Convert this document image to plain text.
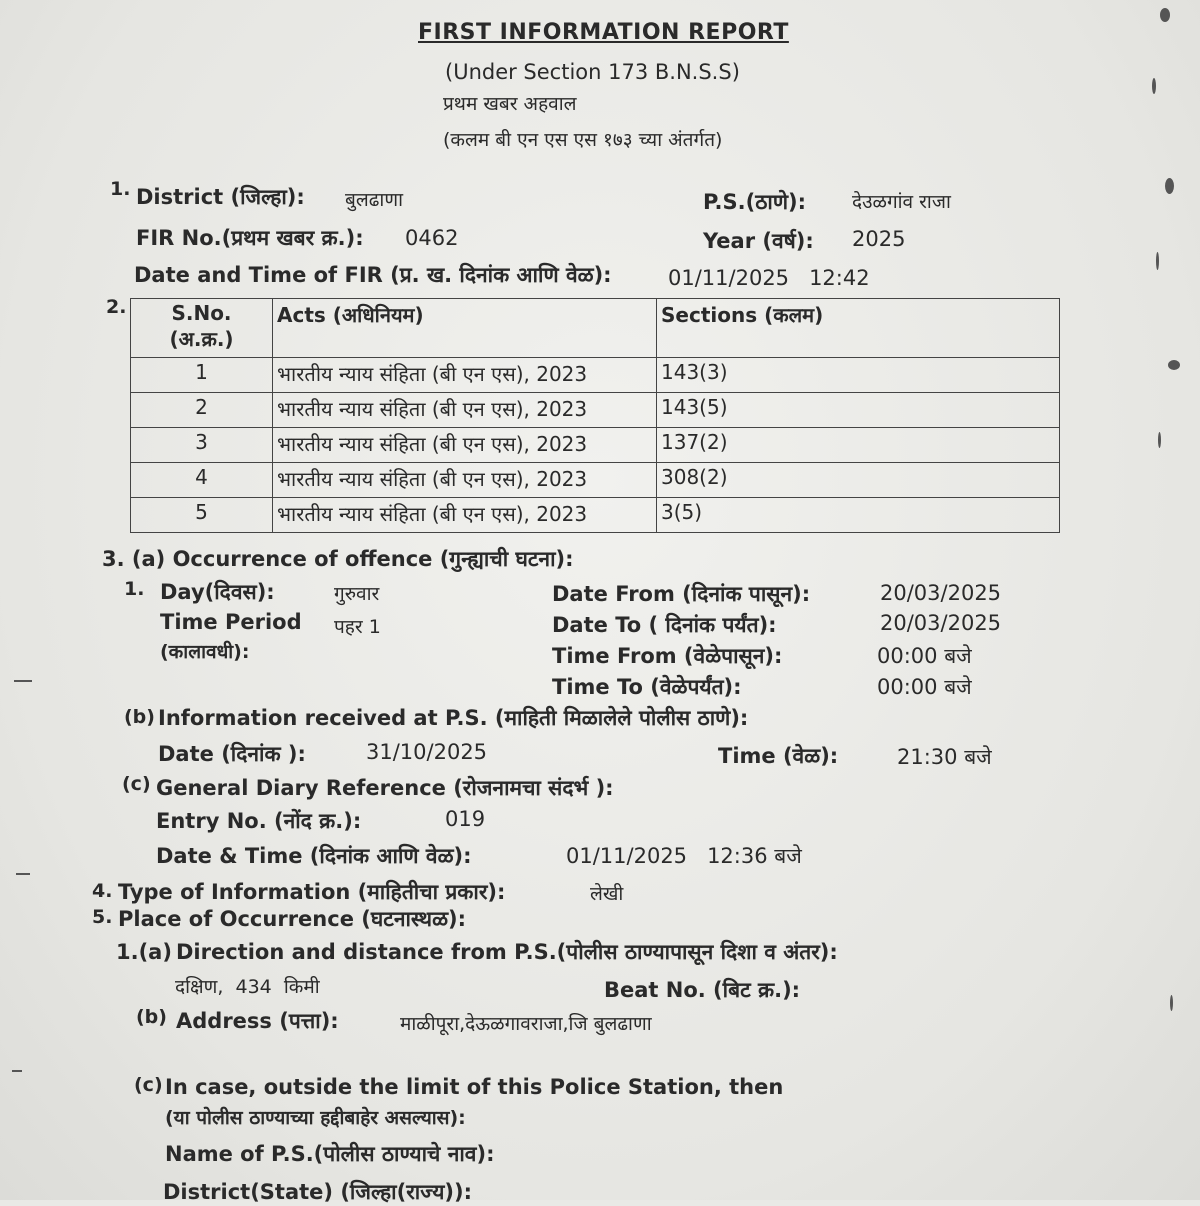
FIRST INFORMATION REPORT
(Under Section 173 B.N.S.S)
प्रथम खबर अहवाल
(कलम बी एन एस एस १७३ च्या अंतर्गत)
1. District (जिल्हा): बुलढाणा	P.S.(ठाणे): देउळगांव राजा
FIR No.(प्रथम खबर क्र.): 0462	Year (वर्ष): 2025
Date and Time of FIR (प्र. ख. दिनांक आणि वेळ):	01/11/2025   12:42
2.	S.No.
(अ.क्र.)	Acts (अधिनियम)	Sections (कलम)
1	भारतीय न्याय संहिता (बी एन एस), 2023	143(3)
2	भारतीय न्याय संहिता (बी एन एस), 2023	143(5)
3	भारतीय न्याय संहिता (बी एन एस), 2023	137(2)
4	भारतीय न्याय संहिता (बी एन एस), 2023	308(2)
5	भारतीय न्याय संहिता (बी एन एस), 2023	3(5)
3. (a) Occurrence of offence (गुन्ह्याची घटना):
1. Day(दिवस):	गुरुवार	Date From (दिनांक पासून):	20/03/2025
Time Period पहर 1	Date To ( दिनांक पर्यंत):	20/03/2025
(कालावधी):	Time From (वेळेपासून):	00:00 बजे
Time To (वेळेपर्यंत):	00:00 बजे
(b) Information received at P.S. (माहिती मिळालेले पोलीस ठाणे):
Date (दिनांक ):	31/10/2025	Time (वेळ):	21:30 बजे
(c) General Diary Reference (रोजनामचा संदर्भ ):
Entry No. (नोंद क्र.):	019
Date & Time (दिनांक आणि वेळ):	01/11/2025   12:36 बजे
4. Type of Information (माहितीचा प्रकार):	लेखी
5. Place of Occurrence (घटनास्थळ):
1.(a) Direction and distance from P.S.(पोलीस ठाण्यापासून दिशा व अंतर):
दक्षिण,  434  किमी	Beat No. (बिट क्र.):
(b) Address (पत्ता):	माळीपूरा,देऊळगावराजा,जि बुलढाणा
(c) In case, outside the limit of this Police Station, then
(या पोलीस ठाण्याच्या हद्दीबाहेर असल्यास):
Name of P.S.(पोलीस ठाण्याचे नाव):
District(State) (जिल्हा(राज्य)):
